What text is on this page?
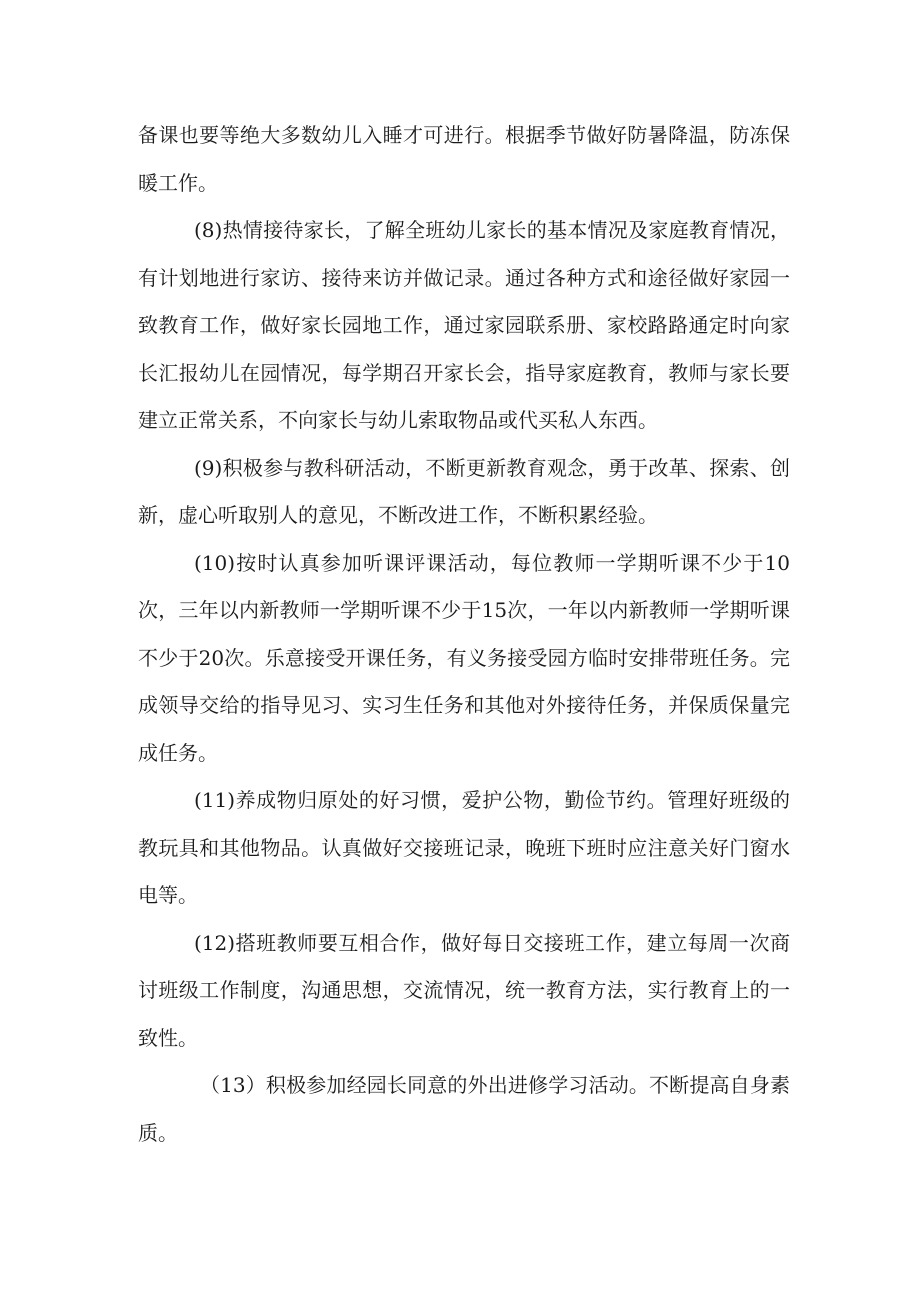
备课也要等绝大多数幼儿入睡才可进行。根据季节做好防暑降温，防冻保暖工作。

(8)热情接待家长，了解全班幼儿家长的基本情况及家庭教育情况，有计划地进行家访、接待来访并做记录。通过各种方式和途径做好家园一致教育工作，做好家长园地工作，通过家园联系册、家校路路通定时向家长汇报幼儿在园情况，每学期召开家长会，指导家庭教育，教师与家长要建立正常关系，不向家长与幼儿索取物品或代买私人东西。

(9)积极参与教科研活动，不断更新教育观念，勇于改革、探索、创新，虚心听取别人的意见，不断改进工作，不断积累经验。

(10)按时认真参加听课评课活动，每位教师一学期听课不少于10次，三年以内新教师一学期听课不少于15次，一年以内新教师一学期听课不少于20次。乐意接受开课任务，有义务接受园方临时安排带班任务。完成领导交给的指导见习、实习生任务和其他对外接待任务，并保质保量完成任务。

(11)养成物归原处的好习惯，爱护公物，勤俭节约。管理好班级的教玩具和其他物品。认真做好交接班记录，晚班下班时应注意关好门窗水电等。

(12)搭班教师要互相合作，做好每日交接班工作，建立每周一次商讨班级工作制度，沟通思想，交流情况，统一教育方法，实行教育上的一致性。

（13）积极参加经园长同意的外出进修学习活动。不断提高自身素质。
